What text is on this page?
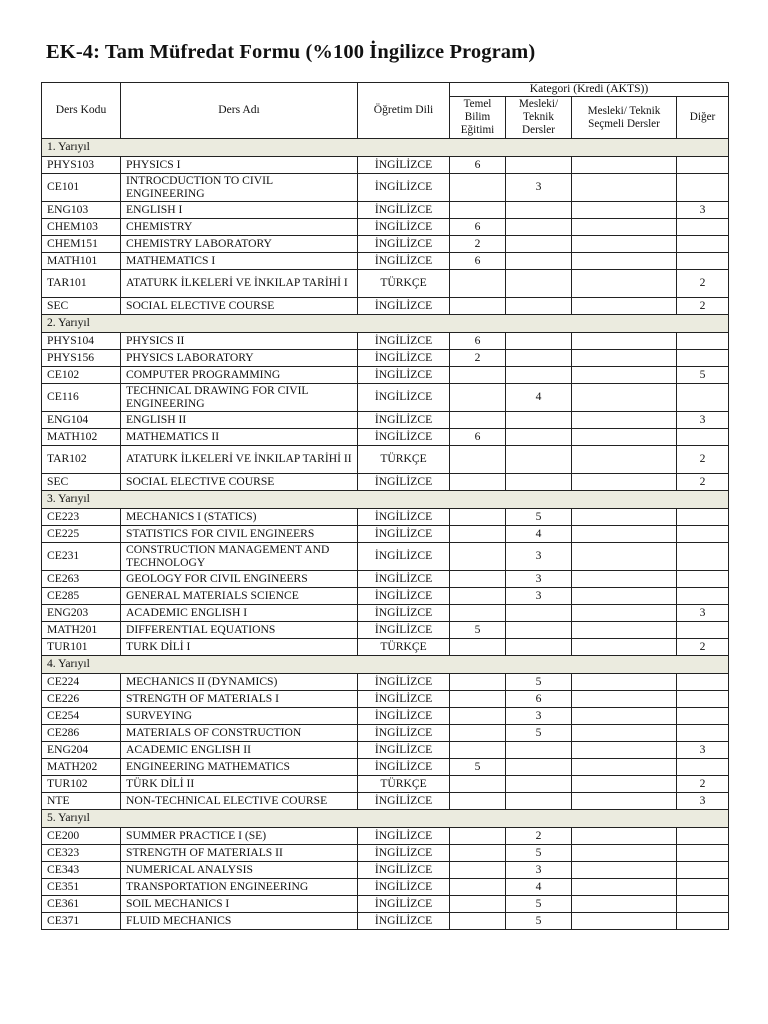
EK-4: Tam Müfredat Formu (%100 İngilizce Program)
Ders Kodu	Ders Adı	Öğretim Dili	Kategori (Kredi (AKTS))			
			Temel Bilim Eğitimi	Mesleki/ Teknik Dersler	Mesleki/ Teknik Seçmeli Dersler	Diğer
1. Yarıyıl						
PHYS103	PHYSICS I	İNGİLİZCE	6			
CE101	INTROCDUCTION TO CIVIL ENGINEERING	İNGİLİZCE		3		
ENG103	ENGLISH I	İNGİLİZCE				3
CHEM103	CHEMISTRY	İNGİLİZCE	6			
CHEM151	CHEMISTRY LABORATORY	İNGİLİZCE	2			
MATH101	MATHEMATICS I	İNGİLİZCE	6			
TAR101	ATATURK İLKELERİ VE İNKILAP TARİHİ I	TÜRKÇE				2
SEC	SOCIAL ELECTIVE COURSE	İNGİLİZCE				2
2. Yarıyıl						
PHYS104	PHYSICS II	İNGİLİZCE	6			
PHYS156	PHYSICS LABORATORY	İNGİLİZCE	2			
CE102	COMPUTER PROGRAMMING	İNGİLİZCE				5
CE116	TECHNICAL DRAWING FOR CIVIL ENGINEERING	İNGİLİZCE		4		
ENG104	ENGLISH II	İNGİLİZCE				3
MATH102	MATHEMATICS II	İNGİLİZCE	6			
TAR102	ATATURK İLKELERİ VE İNKILAP TARİHİ II	TÜRKÇE				2
SEC	SOCIAL ELECTIVE COURSE	İNGİLİZCE				2
3. Yarıyıl						
CE223	MECHANICS I (STATICS)	İNGİLİZCE		5		
CE225	STATISTICS FOR CIVIL ENGINEERS	İNGİLİZCE		4		
CE231	CONSTRUCTION MANAGEMENT AND TECHNOLOGY	İNGİLİZCE		3		
CE263	GEOLOGY FOR CIVIL ENGINEERS	İNGİLİZCE		3		
CE285	GENERAL MATERIALS SCIENCE	İNGİLİZCE		3		
ENG203	ACADEMIC ENGLISH I	İNGİLİZCE				3
MATH201	DIFFERENTIAL EQUATIONS	İNGİLİZCE	5			
TUR101	TURK DİLİ I	TÜRKÇE				2
4. Yarıyıl						
CE224	MECHANICS II (DYNAMICS)	İNGİLİZCE		5		
CE226	STRENGTH OF MATERIALS I	İNGİLİZCE		6		
CE254	SURVEYING	İNGİLİZCE		3		
CE286	MATERIALS OF CONSTRUCTION	İNGİLİZCE		5		
ENG204	ACADEMIC ENGLISH II	İNGİLİZCE				3
MATH202	ENGINEERING MATHEMATICS	İNGİLİZCE	5			
TUR102	TÜRK DİLİ II	TÜRKÇE				2
NTE	NON-TECHNICAL ELECTIVE COURSE	İNGİLİZCE				3
5. Yarıyıl						
CE200	SUMMER PRACTICE I (SE)	İNGİLİZCE		2		
CE323	STRENGTH OF MATERIALS II	İNGİLİZCE		5		
CE343	NUMERICAL ANALYSIS	İNGİLİZCE		3		
CE351	TRANSPORTATION ENGINEERING	İNGİLİZCE		4		
CE361	SOIL MECHANICS I	İNGİLİZCE		5		
CE371	FLUID MECHANICS	İNGİLİZCE		5		
